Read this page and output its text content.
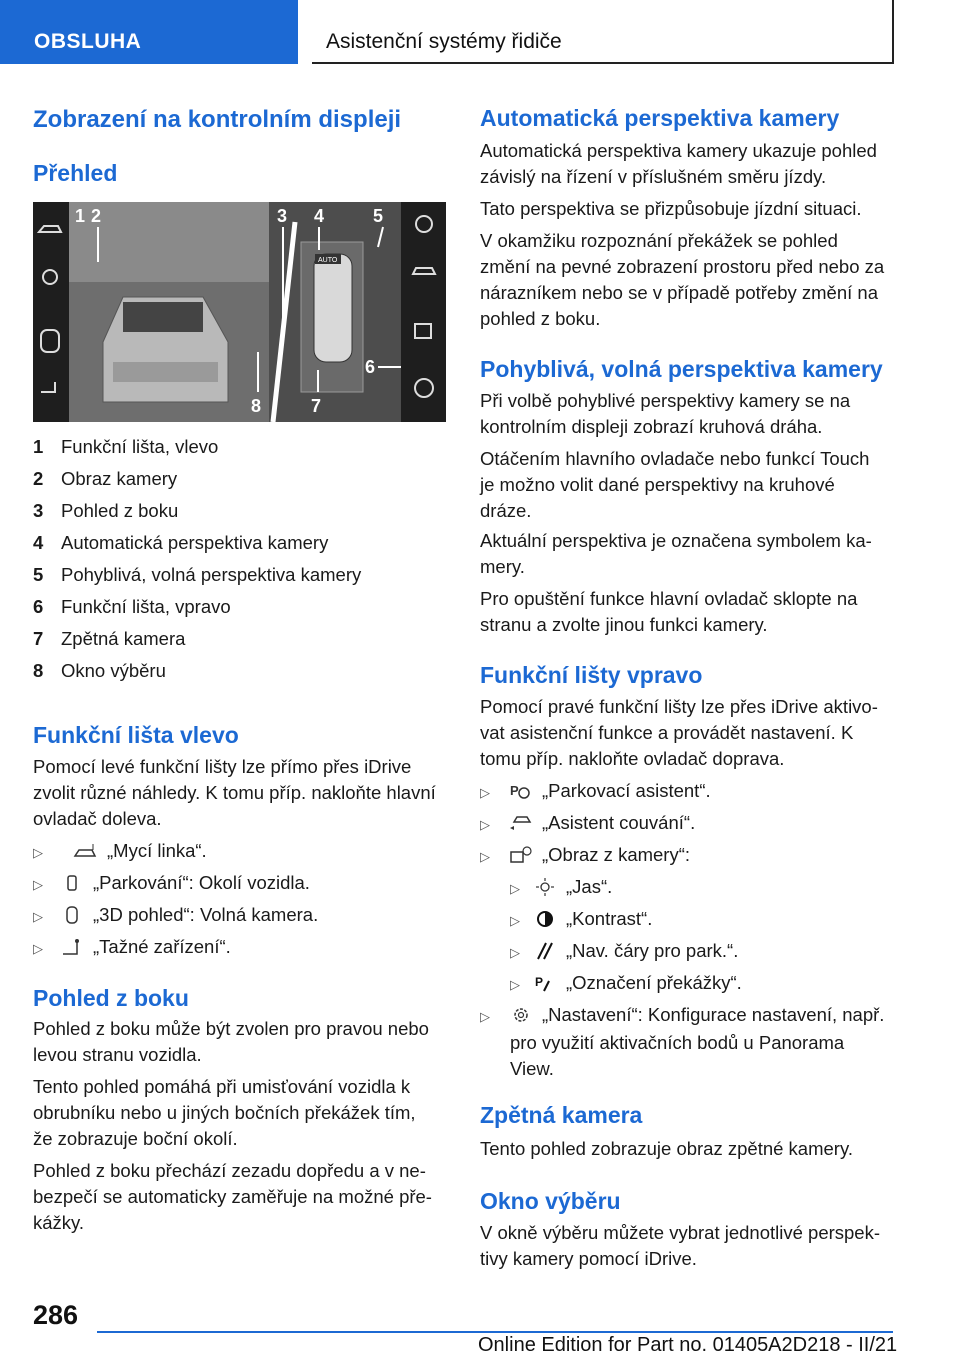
OBSLUHA	Asistenční systémy řidiče
Zobrazení na kontrolním displeji
Přehled
AUTO
1 2	3 4	5
6
7
8
1 Funkční lišta, vlevo
2 Obraz kamery
3 Pohled z boku
4 Automatická perspektiva kamery
5 Pohyblivá, volná perspektiva kamery
6 Funkční lišta, vpravo
7 Zpětná kamera
8 Okno výběru
Funkční lišta vlevo
Pomocí levé funkční lišty lze přímo přes iDrive
zvolit různé náhledy. K tomu příp. nakloňte hlavní
ovladač doleva.
▷	„Mycí linka“.
▷	„Parkování“: Okolí vozidla.
▷	„3D pohled“: Volná kamera.
▷	„Tažné zařízení“.
Pohled z boku
Pohled z boku může být zvolen pro pravou nebo
levou stranu vozidla.
Tento pohled pomáhá při umisťování vozidla k
obrubníku nebo u jiných bočních překážek tím,
že zobrazuje boční okolí.
Pohled z boku přechází zezadu dopředu a v ne-
bezpečí se automaticky zaměřuje na možné pře-
kážky.
Automatická perspektiva kamery
Automatická perspektiva kamery ukazuje pohled
závislý na řízení v příslušném směru jízdy.
Tato perspektiva se přizpůsobuje jízdní situaci.
V okamžiku rozpoznání překážek se pohled
změní na pevné zobrazení prostoru před nebo za
nárazníkem nebo se v případě potřeby změní na
pohled z boku.
Pohyblivá, volná perspektiva kamery
Při volbě pohyblivé perspektivy kamery se na
kontrolním displeji zobrazí kruhová dráha.
Otáčením hlavního ovladače nebo funkcí Touch
je možno volit dané perspektivy na kruhové
dráze.
Aktuální perspektiva je označena symbolem ka-
mery.
Pro opuštění funkce hlavní ovladač sklopte na
stranu a zvolte jinou funkci kamery.
Funkční lišty vpravo
Pomocí pravé funkční lišty lze přes iDrive aktivo-
vat asistenční funkce a provádět nastavení. K
tomu příp. nakloňte ovladač doprava.
▷ P „Parkovací asistent“.
▷	„Asistent couvání“.
▷	„Obraz z kamery“:
▷ „Jas“.
▷ „Kontrast“.
▷ „Nav. čáry pro park.“.
▷ P „Označení překážky“.
▷	„Nastavení“: Konfigurace nastavení, např.
pro využití aktivačních bodů u Panorama
View.
Zpětná kamera
Tento pohled zobrazuje obraz zpětné kamery.
Okno výběru
V okně výběru můžete vybrat jednotlivé perspek-
tivy kamery pomocí iDrive.
286
Online Edition for Part no. 01405A2D218 - II/21
